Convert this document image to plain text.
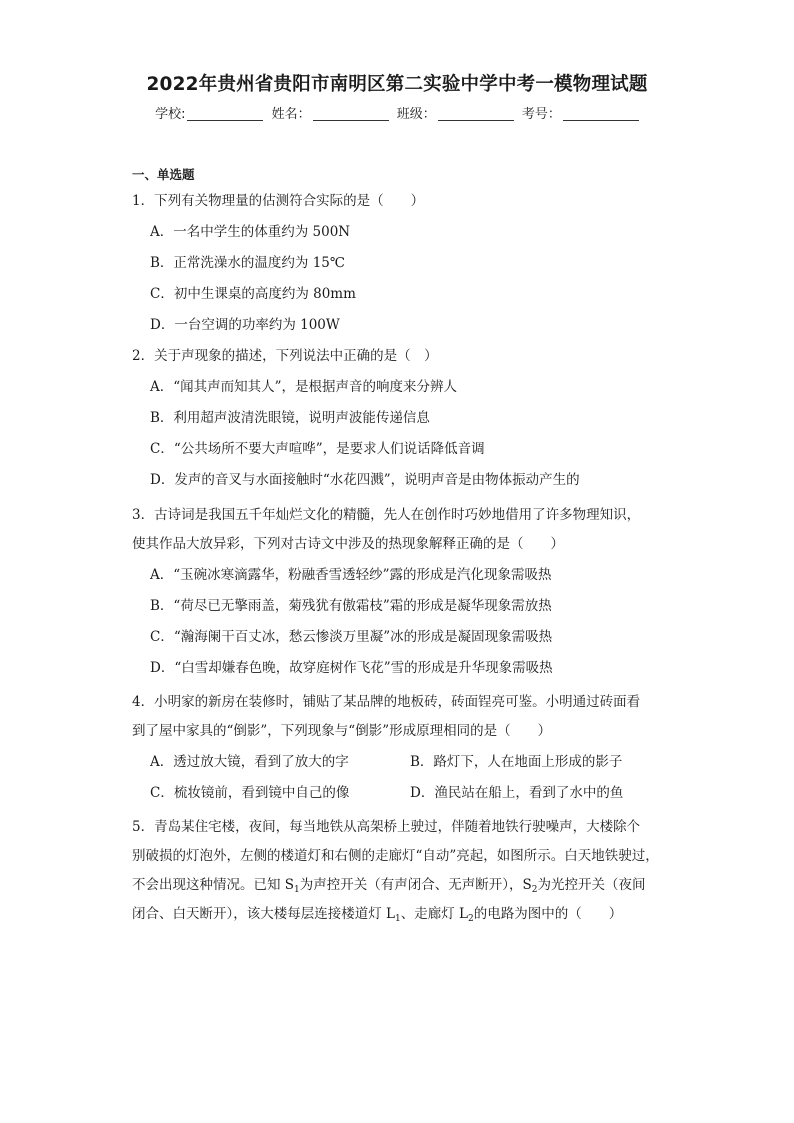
2022年贵州省贵阳市南明区第二实验中学中考一模物理试题
学校:	姓名：	班级：	考号：
一、单选题
1．下列有关物理量的估测符合实际的是（　　）
A．一名中学生的体重约为 500N
B．正常洗澡水的温度约为 15℃
C．初中生课桌的高度约为 80mm
D．一台空调的功率约为 100W
2．关于声现象的描述，下列说法中正确的是（　）
A．“闻其声而知其人”，是根据声音的响度来分辨人
B．利用超声波清洗眼镜，说明声波能传递信息
C．“公共场所不要大声喧哗”，是要求人们说话降低音调
D．发声的音叉与水面接触时“水花四溅”，说明声音是由物体振动产生的
3．古诗词是我国五千年灿烂文化的精髓，先人在创作时巧妙地借用了许多物理知识，
使其作品大放异彩，下列对古诗文中涉及的热现象解释正确的是（　　）
A．“玉碗冰寒滴露华，粉融香雪透轻纱”露的形成是汽化现象需吸热
B．“荷尽已无擎雨盖，菊残犹有傲霜枝”霜的形成是凝华现象需放热
C．“瀚海阑干百丈冰，愁云惨淡万里凝”冰的形成是凝固现象需吸热
D．“白雪却嫌春色晚，故穿庭树作飞花”雪的形成是升华现象需吸热
4．小明家的新房在装修时，铺贴了某品牌的地板砖，砖面锃亮可鉴。小明通过砖面看
到了屋中家具的“倒影”，下列现象与“倒影”形成原理相同的是（　　）
A．透过放大镜，看到了放大的字	B．路灯下，人在地面上形成的影子
C．梳妆镜前，看到镜中自己的像	D．渔民站在船上，看到了水中的鱼
5．青岛某住宅楼，夜间，每当地铁从高架桥上驶过，伴随着地铁行驶噪声，大楼除个
别破损的灯泡外，左侧的楼道灯和右侧的走廊灯“自动”亮起，如图所示。白天地铁驶过，
不会出现这种情况。已知 $S_1$为声控开关（有声闭合、无声断开），$S_2$为光控开关（夜间
闭合、白天断开），该大楼每层连接楼道灯 $L_1$、走廊灯 $L_2$的电路为图中的（　　）
